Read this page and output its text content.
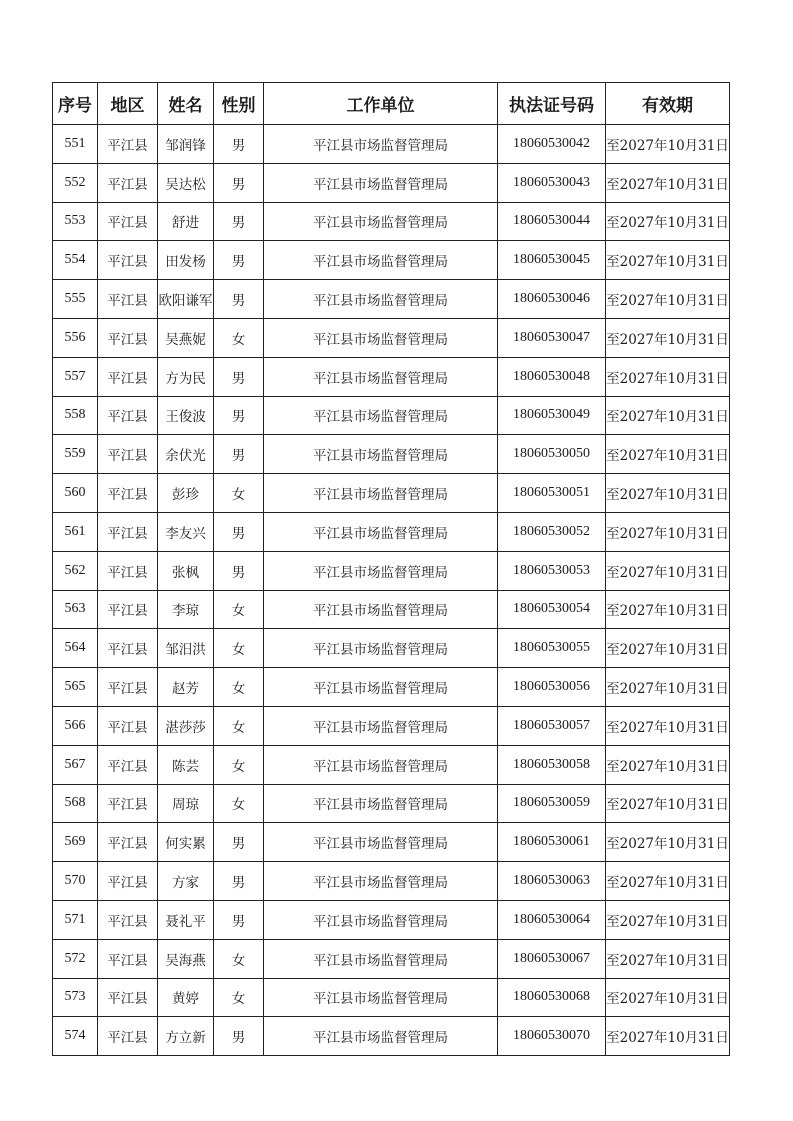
序号	地区	姓名	性别	工作单位	执法证号码	有效期
551	平江县	邹润锋	男	平江县市场监督管理局	18060530042	至2027年10月31日
552	平江县	吴达松	男	平江县市场监督管理局	18060530043	至2027年10月31日
553	平江县	舒进	男	平江县市场监督管理局	18060530044	至2027年10月31日
554	平江县	田发杨	男	平江县市场监督管理局	18060530045	至2027年10月31日
555	平江县	欧阳谦军	男	平江县市场监督管理局	18060530046	至2027年10月31日
556	平江县	吴燕妮	女	平江县市场监督管理局	18060530047	至2027年10月31日
557	平江县	方为民	男	平江县市场监督管理局	18060530048	至2027年10月31日
558	平江县	王俊波	男	平江县市场监督管理局	18060530049	至2027年10月31日
559	平江县	余伏光	男	平江县市场监督管理局	18060530050	至2027年10月31日
560	平江县	彭珍	女	平江县市场监督管理局	18060530051	至2027年10月31日
561	平江县	李友兴	男	平江县市场监督管理局	18060530052	至2027年10月31日
562	平江县	张枫	男	平江县市场监督管理局	18060530053	至2027年10月31日
563	平江县	李琼	女	平江县市场监督管理局	18060530054	至2027年10月31日
564	平江县	邹汨洪	女	平江县市场监督管理局	18060530055	至2027年10月31日
565	平江县	赵芳	女	平江县市场监督管理局	18060530056	至2027年10月31日
566	平江县	湛莎莎	女	平江县市场监督管理局	18060530057	至2027年10月31日
567	平江县	陈芸	女	平江县市场监督管理局	18060530058	至2027年10月31日
568	平江县	周琼	女	平江县市场监督管理局	18060530059	至2027年10月31日
569	平江县	何实累	男	平江县市场监督管理局	18060530061	至2027年10月31日
570	平江县	方家	男	平江县市场监督管理局	18060530063	至2027年10月31日
571	平江县	聂礼平	男	平江县市场监督管理局	18060530064	至2027年10月31日
572	平江县	吴海燕	女	平江县市场监督管理局	18060530067	至2027年10月31日
573	平江县	黄婷	女	平江县市场监督管理局	18060530068	至2027年10月31日
574	平江县	方立新	男	平江县市场监督管理局	18060530070	至2027年10月31日
